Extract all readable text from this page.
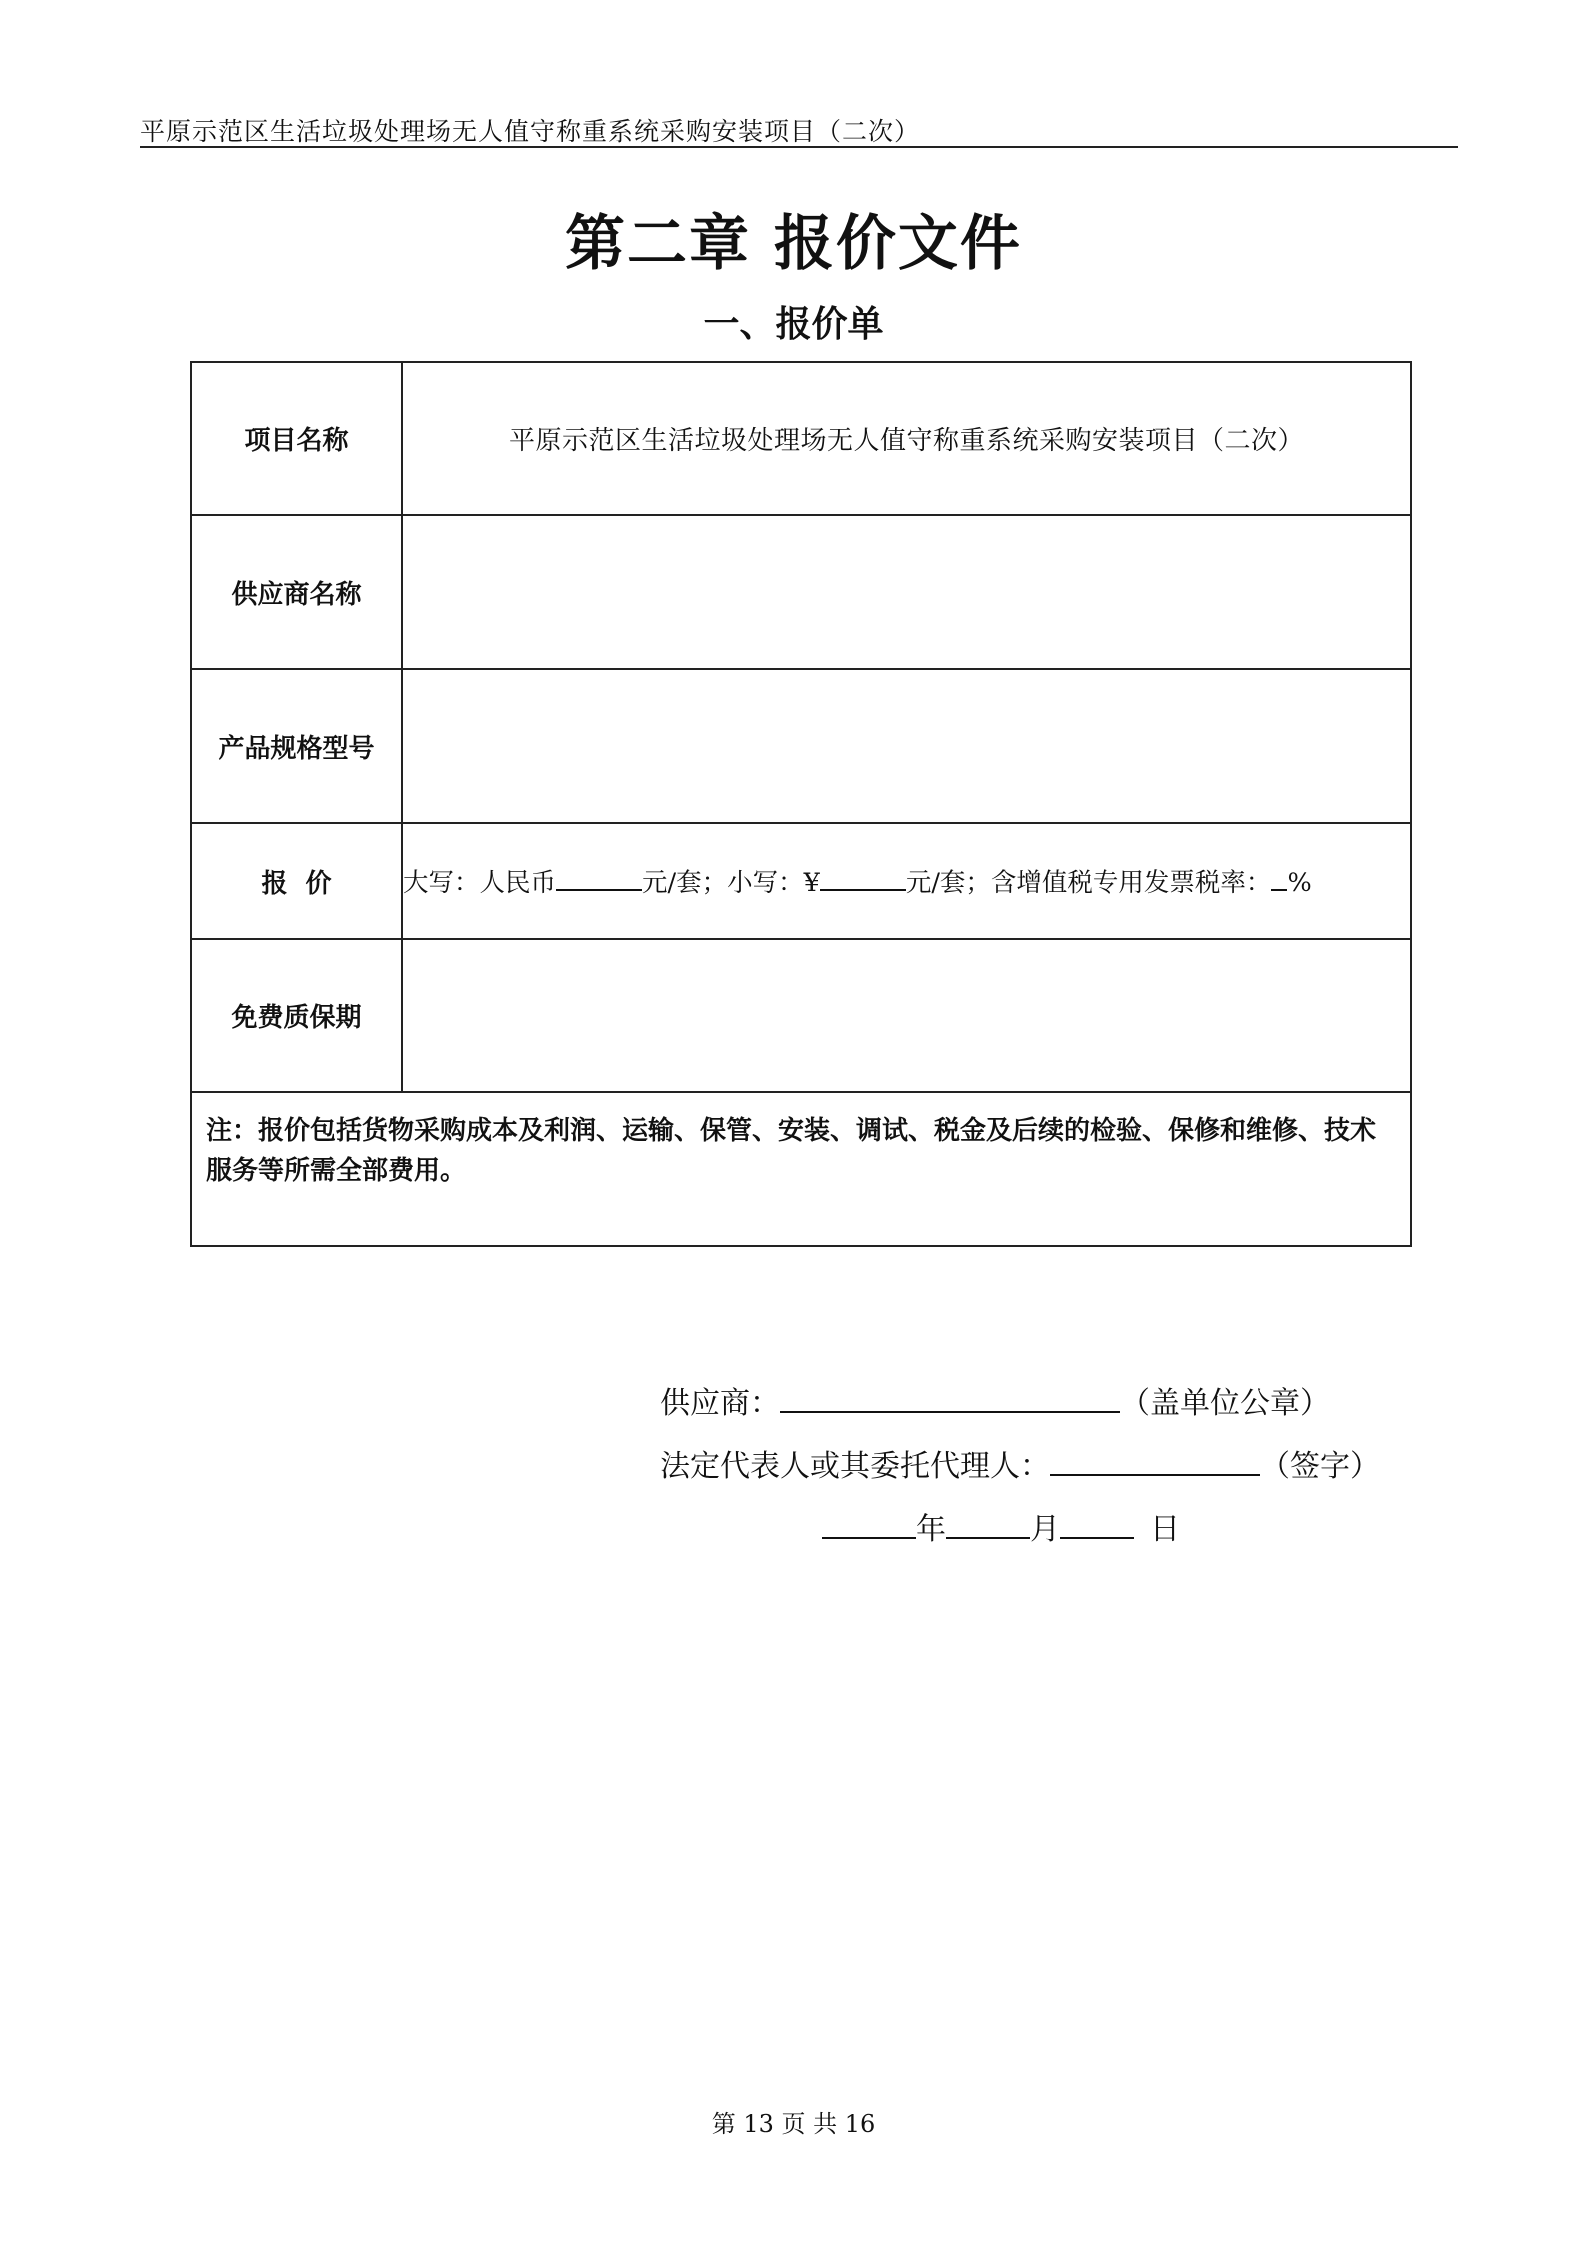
平原示范区生活垃圾处理场无人值守称重系统采购安装项目（二次）
第二章 报价文件
一、报价单
项目名称	平原示范区生活垃圾处理场无人值守称重系统采购安装项目（二次）
供应商名称	
产品规格型号	
报  价	大写：人民币 元/套；小写：¥ 元/套；含增值税专用发票税率： %
免费质保期	

注：报价包括货物采购成本及利润、运输、保管、安装、调试、税金及后续的检验、保修和维修、技术服务等所需全部费用。	
供应商：	（盖单位公章）
法定代表人或其委托代理人：	（签字）
年	月	日
第 13 页 共 16
